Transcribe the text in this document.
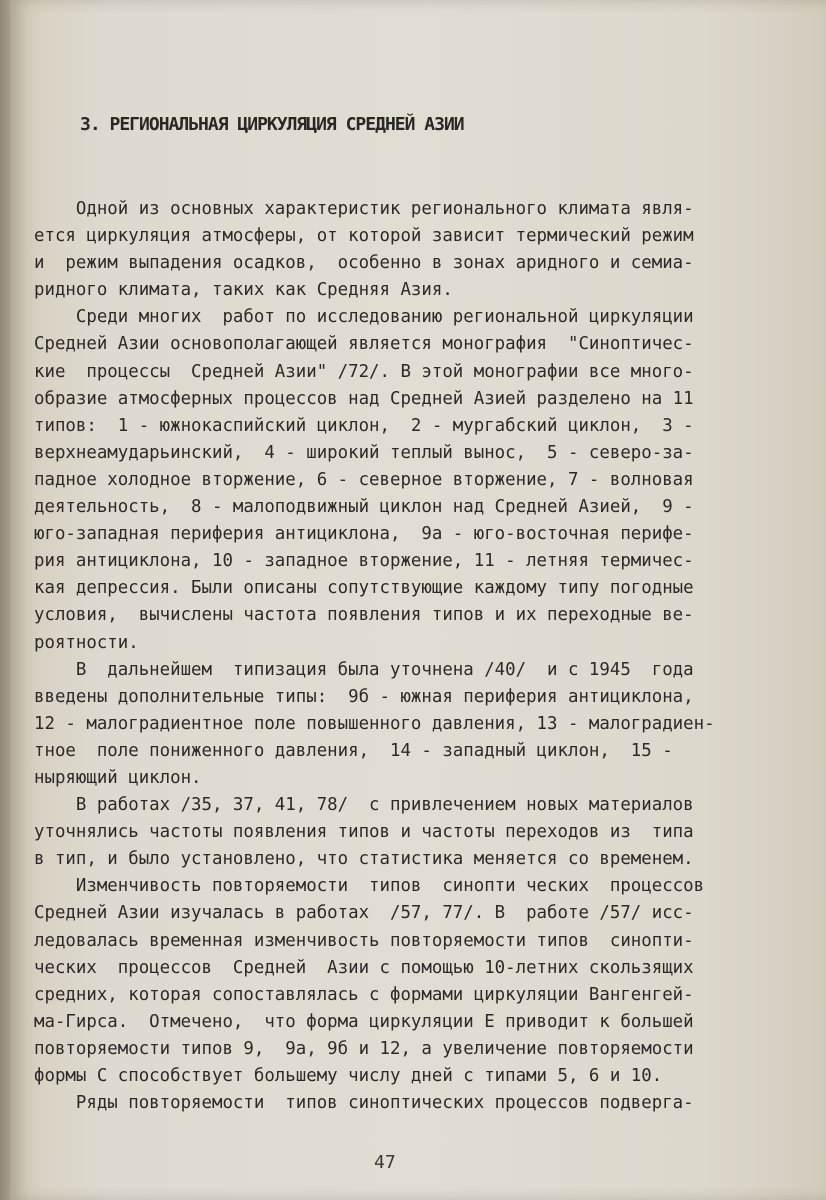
3. РЕГИОНАЛЬНАЯ ЦИРКУЛЯЦИЯ СРЕДНЕЙ АЗИИ
Одной из основных характеристик регионального климата явля-
ется циркуляция атмосферы, от которой зависит термический режим
и  режим выпадения осадков,  особенно в зонах аридного и семиа-
ридного климата, таких как Средняя Азия.
Среди многих  работ по исследованию региональной циркуляции
Средней Азии основополагающей является монография  "Синоптичес-
кие  процессы  Средней Азии" /72/. В этой монографии все много-
образие атмосферных процессов над Средней Азией разделено на 11
типов:  1 - южнокаспийский циклон,  2 - мургабский циклон,  3 -
верхнеамударьинский,  4 - широкий теплый вынос,  5 - северо-за-
падное холодное вторжение, 6 - северное вторжение, 7 - волновая
деятельность,  8 - малоподвижный циклон над Средней Азией,  9 -
юго-западная периферия антициклона,  9а - юго-восточная перифе-
рия антициклона, 10 - западное вторжение, 11 - летняя термичес-
кая депрессия. Были описаны сопутствующие каждому типу погодные
условия,  вычислены частота появления типов и их переходные ве-
роятности.
В  дальнейшем  типизация была уточнена /40/  и с 1945  года
введены дополнительные типы:  9б - южная периферия антициклона,
12 - малоградиентное поле повышенного давления, 13 - малоградиен-
тное  поле пониженного давления,  14 - западный циклон,  15 -
ныряющий циклон.
В работах /35, 37, 41, 78/  с привлечением новых материалов
уточнялись частоты появления типов и частоты переходов из  типа
в тип, и было установлено, что статистика меняется со временем.
Изменчивость повторяемости  типов  синопти ческих  процессов
Средней Азии изучалась в работах  /57, 77/. В  работе /57/ исс-
ледовалась временная изменчивость повторяемости типов  синопти-
ческих  процессов  Средней  Азии с помощью 10-летних скользящих
средних, которая сопоставлялась с формами циркуляции Вангенгей-
ма-Гирса.  Отмечено,  что форма циркуляции Е приводит к большей
повторяемости типов 9,  9а, 9б и 12, а увеличение повторяемости
формы С способствует большему числу дней с типами 5, 6 и 10.
Ряды повторяемости  типов синоптических процессов подверга-

47
